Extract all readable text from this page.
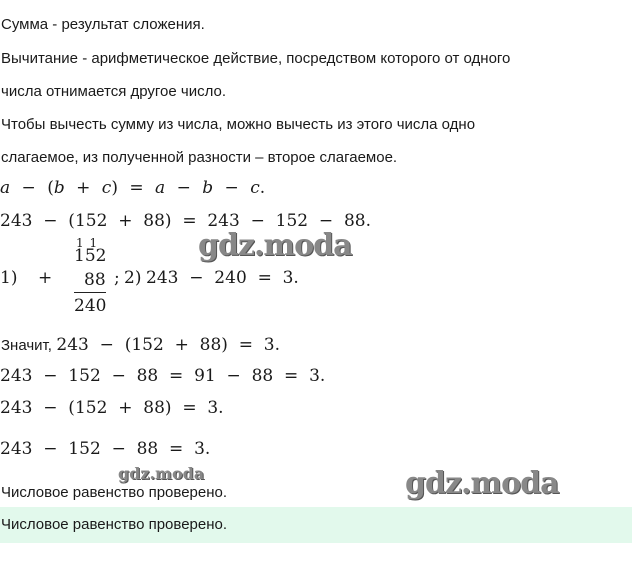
Сумма - результат сложения.
Вычитание - арифметическое действие, посредством которого от одного
числа отнимается другое число.
Чтобы вычесть сумму из числа, можно вычесть из этого числа одно
слагаемое, из полученной разности – второе слагаемое.
a − (b + c) = a − b − c.
243  −  (152  +  88)  =  243  −  152  −  88.
gdz.moda
1) +
1 1
152
88
240
; 2) 243  −  240  =  3.
Значит, 243  −  (152  +  88)  =  3.
243  −  152  −  88  =  91  −  88  =  3.
243  −  (152  +  88)  =  3.
243  −  152  −  88  =  3.
gdz.moda	gdz.moda
Числовое равенство проверено.
Числовое равенство проверено.
